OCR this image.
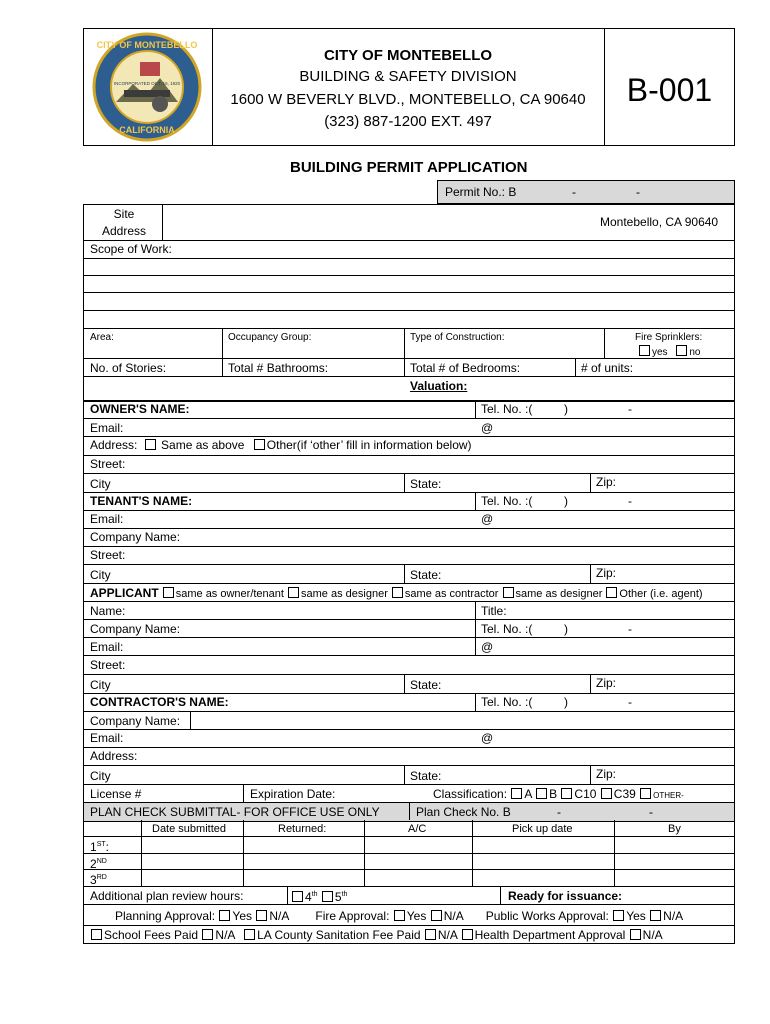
CITY OF MONTEBELLO
CALIFORNIA
INCORPORATED OCT. 16, 1920
CITY OF MONTEBELLO
BUILDING & SAFETY DIVISION
1600 W BEVERLY BLVD., MONTEBELLO, CA 90640
(323) 887-1200 EXT. 497
B-001
BUILDING PERMIT APPLICATION
Permit No.: B	-	-
Site Address
Montebello, CA 90640
Scope of Work:
Area:	Occupancy Group:	Type of Construction:	Fire Sprinklers:
yes no
No. of Stories:	Total # Bathrooms:	Total # of Bedrooms:	# of units:
Valuation:
OWNER'S NAME:	Tel. No. :(	)	-
Email:	@
Address: Same as above Other(if ‘other’ fill in information below)
Street:
City	State:	Zip:
TENANT'S NAME:	Tel. No. :(	)	-
Email:	@
Company Name:
Street:
City	State:	Zip:
APPLICANT same as owner/tenant same as designer same as contractor same as designer Other (i.e. agent)
Name:	Title:
Company Name:	Tel. No. :(	)	-
Email:	@
Street:
City	State:	Zip:
CONTRACTOR'S NAME:	Tel. No. :(	)	-
Company Name:
Email:	@
Address:
City	State:	Zip:
License #	Expiration Date:	Classification: A B C10 C39 OTHER-
PLAN CHECK SUBMITTAL- FOR OFFICE USE ONLY	Plan Check No. B	-	-
Date submitted	Returned:	A/C	Pick up date	By
1ST:
2ND
3RD
Additional plan review hours:	4th 5th	Ready for issuance:
Planning Approval: Yes N/A Fire Approval: Yes N/A Public Works Approval: Yes N/A
School Fees Paid N/A LA County Sanitation Fee Paid N/A Health Department Approval N/A
